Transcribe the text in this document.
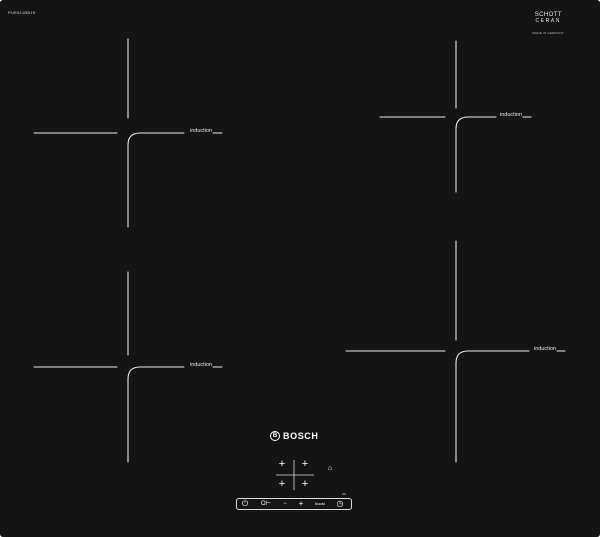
PUE611BB1E	SCHOTT
CERAN
MADE IN GERMANY
induction
induction
induction
induction
B BOSCH
+ +
+ +
⌂
3S
⏻	O⊢	−	+	boost	◷
